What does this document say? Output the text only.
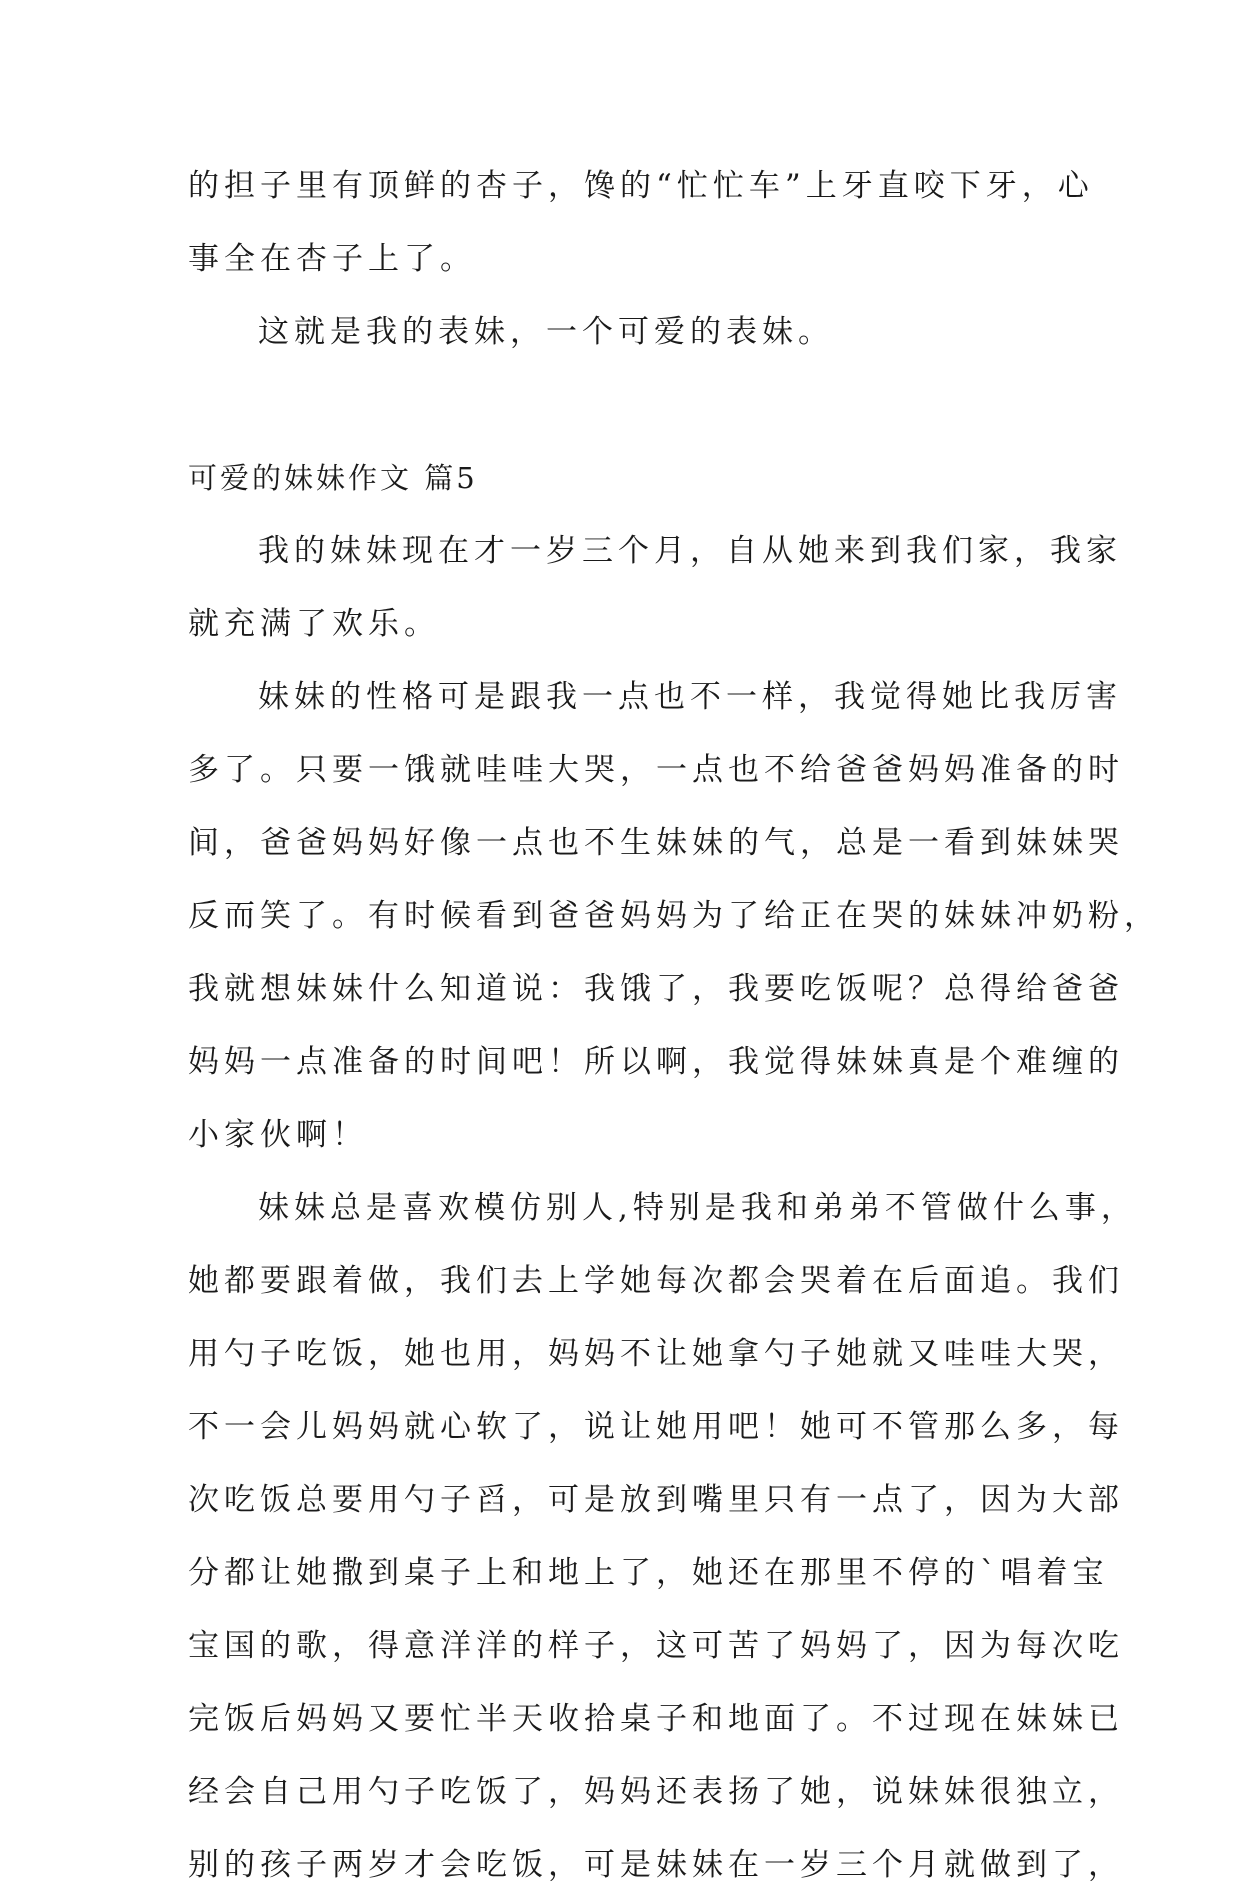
的担子里有顶鲜的杏子，馋的“忙忙车”上牙直咬下牙，心
事全在杏子上了。
这就是我的表妹，一个可爱的表妹。
可爱的妹妹作文 篇5
我的妹妹现在才一岁三个月，自从她来到我们家，我家
就充满了欢乐。
妹妹的性格可是跟我一点也不一样，我觉得她比我厉害
多了。只要一饿就哇哇大哭，一点也不给爸爸妈妈准备的时
间，爸爸妈妈好像一点也不生妹妹的气，总是一看到妹妹哭
反而笑了。有时候看到爸爸妈妈为了给正在哭的妹妹冲奶粉，
我就想妹妹什么知道说：我饿了，我要吃饭呢？总得给爸爸
妈妈一点准备的时间吧！所以啊，我觉得妹妹真是个难缠的
小家伙啊！
妹妹总是喜欢模仿别人,特别是我和弟弟不管做什么事，
她都要跟着做，我们去上学她每次都会哭着在后面追。我们
用勺子吃饭，她也用，妈妈不让她拿勺子她就又哇哇大哭，
不一会儿妈妈就心软了，说让她用吧！她可不管那么多，每
次吃饭总要用勺子舀，可是放到嘴里只有一点了，因为大部
分都让她撒到桌子上和地上了，她还在那里不停的`唱着宝
宝国的歌，得意洋洋的样子，这可苦了妈妈了，因为每次吃
完饭后妈妈又要忙半天收拾桌子和地面了。不过现在妹妹已
经会自己用勺子吃饭了，妈妈还表扬了她，说妹妹很独立，
别的孩子两岁才会吃饭，可是妹妹在一岁三个月就做到了，
